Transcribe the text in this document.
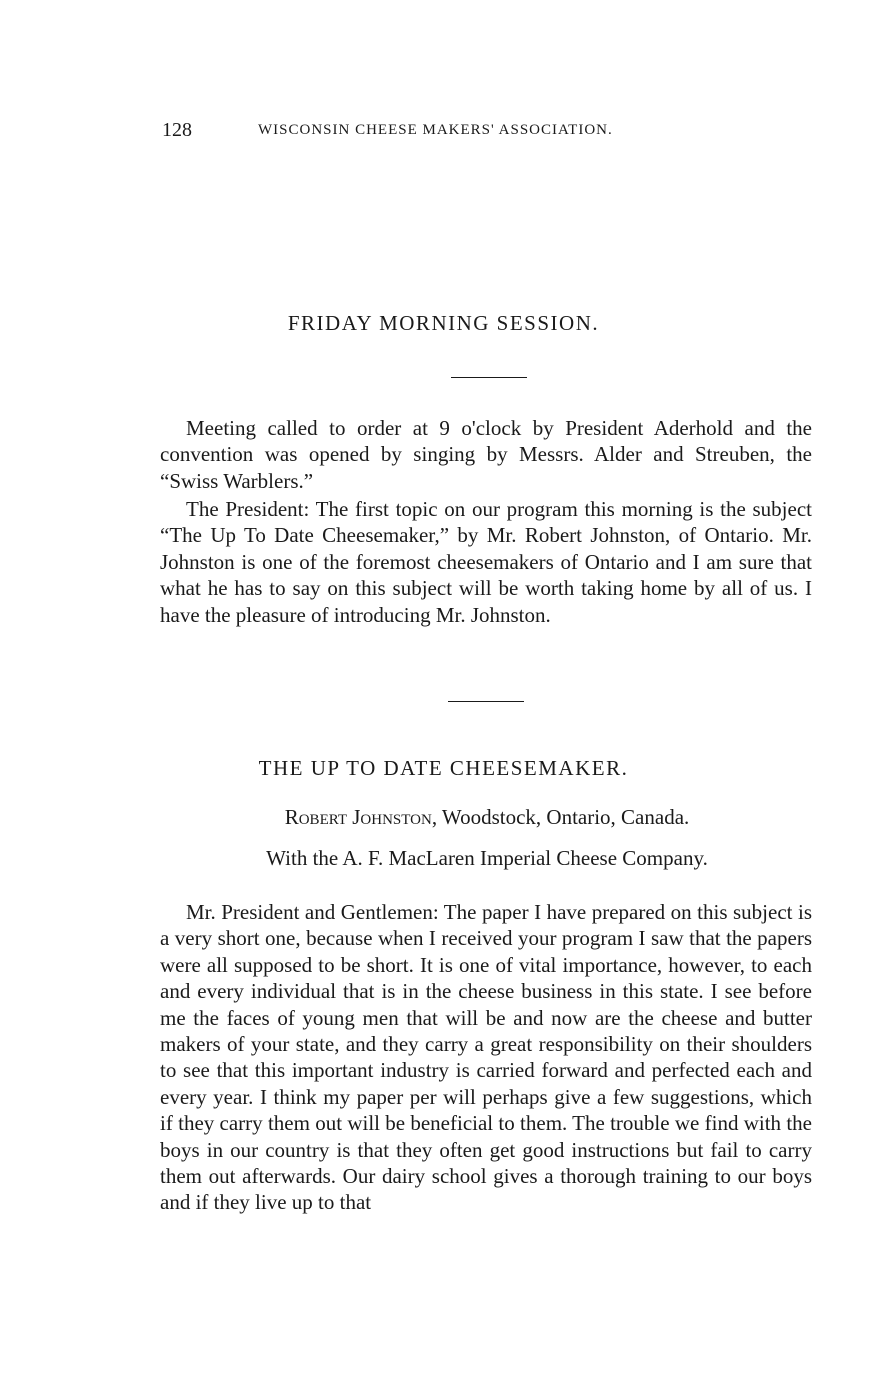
128	WISCONSIN CHEESE MAKERS' ASSOCIATION.
FRIDAY MORNING SESSION.

Meeting called to order at 9 o'clock by President Aderhold and the convention was opened by singing by Messrs. Alder and Streuben, the “Swiss Warblers.”

The President: The first topic on our program this morning is the subject “The Up To Date Cheesemaker,” by Mr. Robert Johnston, of Ontario. Mr. Johnston is one of the foremost cheesemakers of Ontario and I am sure that what he has to say on this subject will be worth taking home by all of us. I have the pleasure of introducing Mr. Johnston.

THE UP TO DATE CHEESEMAKER.
Robert Johnston, Woodstock, Ontario, Canada.
With the A. F. MacLaren Imperial Cheese Company.

Mr. President and Gentlemen: The paper I have prepared on this subject is a very short one, because when I received your program I saw that the papers were all supposed to be short. It is one of vital importance, however, to each and every individual that is in the cheese business in this state. I see before me the faces of young men that will be and now are the cheese and butter makers of your state, and they carry a great responsibility on their shoulders to see that this important industry is carried forward and perfected each and every year. I think my paper per will perhaps give a few suggestions, which if they carry them out will be beneficial to them. The trouble we find with the boys in our country is that they often get good instructions but fail to carry them out afterwards. Our dairy school gives a thorough training to our boys and if they live up to that
